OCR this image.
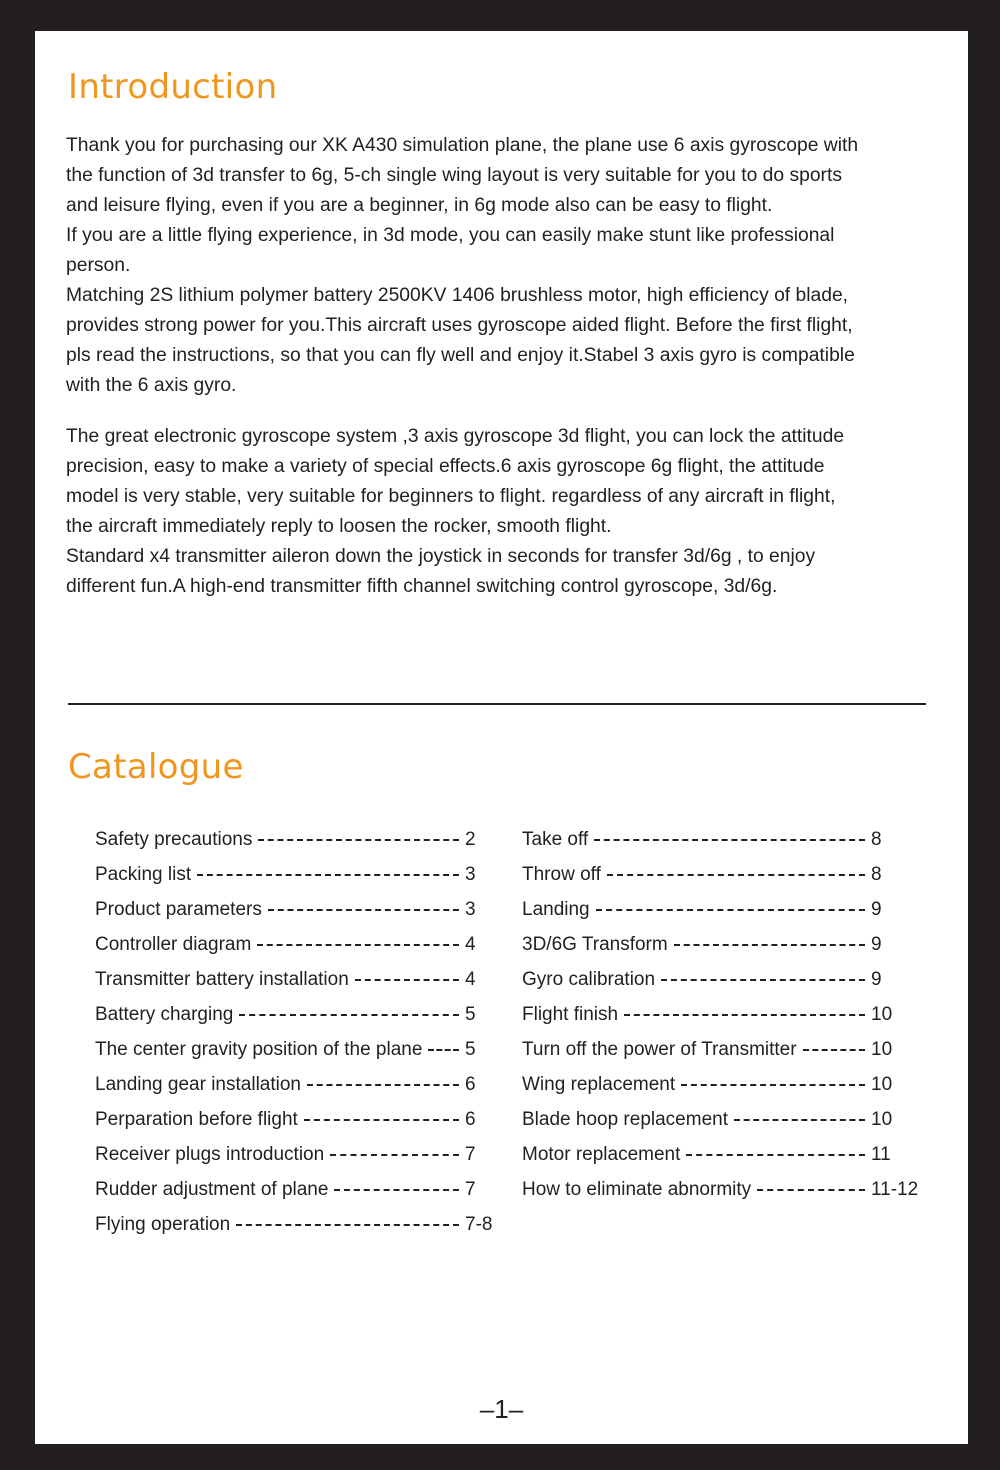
Introduction

Thank you for purchasing our XK A430 simulation plane, the plane use 6 axis gyroscope with

the function of 3d transfer to 6g, 5-ch single wing layout is very suitable for you to do sports

and leisure flying, even if you are a beginner, in 6g mode also can be easy to flight.

If you are a little flying experience, in 3d mode, you can easily make stunt like professional

person.

Matching 2S lithium polymer battery 2500KV 1406 brushless motor, high efficiency of blade,

provides strong power for you.This aircraft uses gyroscope aided flight. Before the first flight,

pls read the instructions, so that you can fly well and enjoy it.Stabel 3 axis gyro is compatible

with the 6 axis gyro.

The great electronic gyroscope system ,3 axis gyroscope 3d flight, you can lock the attitude

precision, easy to make a variety of special effects.6 axis gyroscope 6g flight, the attitude

model is very stable, very suitable for beginners to flight. regardless of any aircraft in flight,

the aircraft immediately reply to loosen the rocker, smooth flight.

Standard x4 transmitter aileron down the joystick in seconds for transfer 3d/6g , to enjoy

different fun.A high-end transmitter fifth channel switching control gyroscope, 3d/6g.

Catalogue
Safety precautions	2
Packing list	3
Product parameters	3
Controller diagram	4
Transmitter battery installation	4
Battery charging	5
The center gravity position of the plane 5
Landing gear installation	6
Perparation before flight	6
Receiver plugs introduction	7
Rudder adjustment of plane	7
Flying operation	7-8
Take off	8
Throw off	8
Landing	9
3D/6G Transform	9
Gyro calibration	9
Flight finish	10
Turn off the power of Transmitter	10
Wing replacement	10
Blade hoop replacement	10
Motor replacement	11
How to eliminate abnormity	11-12
–1–
